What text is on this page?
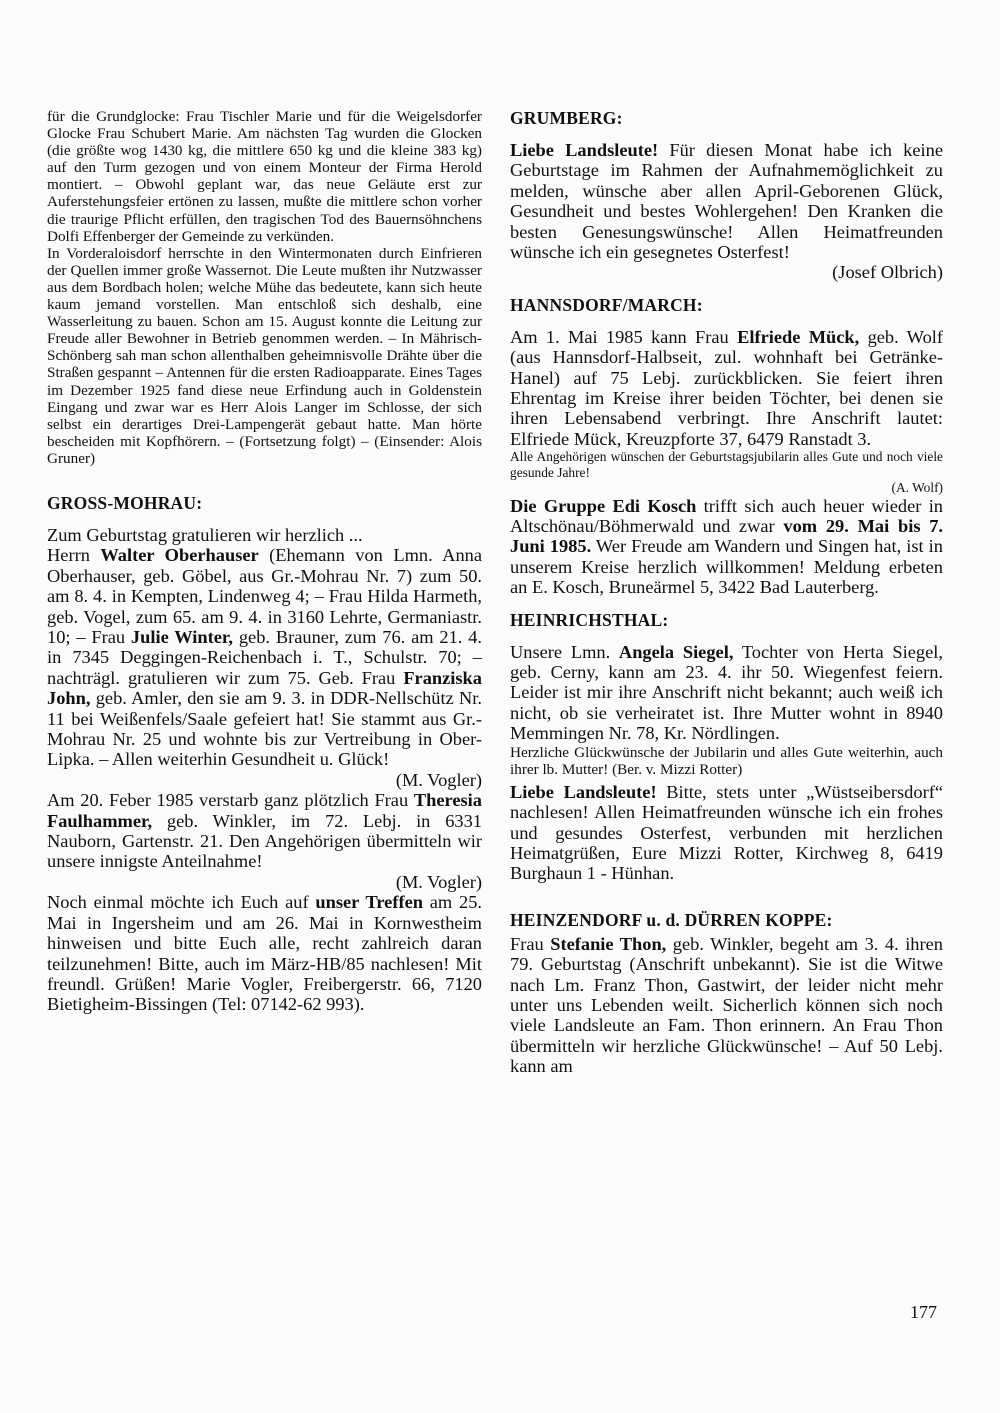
für die Grundglocke: Frau Tischler Marie und für die Weigelsdorfer Glocke Frau Schubert Marie. Am nächsten Tag wurden die Glocken (die größte wog 1430 kg, die mittlere 650 kg und die kleine 383 kg) auf den Turm gezogen und von einem Monteur der Firma Herold montiert. – Obwohl geplant war, das neue Geläute erst zur Auferstehungsfeier ertönen zu lassen, mußte die mittlere schon vorher die traurige Pflicht erfüllen, den tragischen Tod des Bauernsöhnchens Dolfi Effenberger der Gemeinde zu verkünden.

In Vorderaloisdorf herrschte in den Wintermonaten durch Einfrieren der Quellen immer große Wassernot. Die Leute mußten ihr Nutzwasser aus dem Bordbach holen; welche Mühe das bedeutete, kann sich heute kaum jemand vorstellen. Man entschloß sich deshalb, eine Wasserleitung zu bauen. Schon am 15. August konnte die Leitung zur Freude aller Bewohner in Betrieb genommen werden. – In Mährisch-Schönberg sah man schon allenthalben geheimnisvolle Drähte über die Straßen gespannt – Antennen für die ersten Radioapparate. Eines Tages im Dezember 1925 fand diese neue Erfindung auch in Goldenstein Eingang und zwar war es Herr Alois Langer im Schlosse, der sich selbst ein derartiges Drei-Lampengerät gebaut hatte. Man hörte bescheiden mit Kopfhörern. – (Fortsetzung folgt) – (Einsender: Alois Gruner)

GROSS-MOHRAU:

Zum Geburtstag gratulieren wir herzlich ...

Herrn Walter Oberhauser (Ehemann von Lmn. Anna Oberhauser, geb. Göbel, aus Gr.-Mohrau Nr. 7) zum 50. am 8. 4. in Kempten, Lindenweg 4; – Frau Hilda Harmeth, geb. Vogel, zum 65. am 9. 4. in 3160 Lehrte, Germaniastr. 10; – Frau Julie Winter, geb. Brauner, zum 76. am 21. 4. in 7345 Deggingen-Reichenbach i. T., Schulstr. 70; – nachträgl. gratulieren wir zum 75. Geb. Frau Franziska John, geb. Amler, den sie am 9. 3. in DDR-Nellschütz Nr. 11 bei Weißenfels/Saale gefeiert hat! Sie stammt aus Gr.-Mohrau Nr. 25 und wohnte bis zur Vertreibung in Ober-Lipka. – Allen weiterhin Gesundheit u. Glück!

(M. Vogler)

Am 20. Feber 1985 verstarb ganz plötzlich Frau Theresia Faulhammer, geb. Winkler, im 72. Lebj. in 6331 Nauborn, Gartenstr. 21. Den Angehörigen übermitteln wir unsere innigste Anteilnahme!

(M. Vogler)

Noch einmal möchte ich Euch auf unser Treffen am 25. Mai in Ingersheim und am 26. Mai in Kornwestheim hinweisen und bitte Euch alle, recht zahlreich daran teilzunehmen! Bitte, auch im März-HB/85 nachlesen! Mit freundl. Grüßen! Marie Vogler, Freibergerstr. 66, 7120 Bietigheim-Bissingen (Tel: 07142-62 993).

GRUMBERG:

Liebe Landsleute! Für diesen Monat habe ich keine Geburtstage im Rahmen der Aufnahmemöglichkeit zu melden, wünsche aber allen April-Geborenen Glück, Gesundheit und bestes Wohlergehen! Den Kranken die besten Genesungswünsche! Allen Heimatfreunden wünsche ich ein gesegnetes Osterfest!

(Josef Olbrich)

HANNSDORF/MARCH:

Am 1. Mai 1985 kann Frau Elfriede Mück, geb. Wolf (aus Hannsdorf-Halbseit, zul. wohnhaft bei Getränke-Hanel) auf 75 Lebj. zurückblicken. Sie feiert ihren Ehrentag im Kreise ihrer beiden Töchter, bei denen sie ihren Lebensabend verbringt. Ihre Anschrift lautet: Elfriede Mück, Kreuzpforte 37, 6479 Ranstadt 3.

Alle Angehörigen wünschen der Geburtstagsjubilarin alles Gute und noch viele gesunde Jahre!

(A. Wolf)

Die Gruppe Edi Kosch trifft sich auch heuer wieder in Altschönau/Böhmerwald und zwar vom 29. Mai bis 7. Juni 1985. Wer Freude am Wandern und Singen hat, ist in unserem Kreise herzlich willkommen! Meldung erbeten an E. Kosch, Bruneärmel 5, 3422 Bad Lauterberg.

HEINRICHSTHAL:

Unsere Lmn. Angela Siegel, Tochter von Herta Siegel, geb. Cerny, kann am 23. 4. ihr 50. Wiegenfest feiern. Leider ist mir ihre Anschrift nicht bekannt; auch weiß ich nicht, ob sie verheiratet ist. Ihre Mutter wohnt in 8940 Memmingen Nr. 78, Kr. Nördlingen.

Herzliche Glückwünsche der Jubilarin und alles Gute weiterhin, auch ihrer lb. Mutter! (Ber. v. Mizzi Rotter)

Liebe Landsleute! Bitte, stets unter „Wüstseibersdorf“ nachlesen! Allen Heimatfreunden wünsche ich ein frohes und gesundes Osterfest, verbunden mit herzlichen Heimatgrüßen, Eure Mizzi Rotter, Kirchweg 8, 6419 Burghaun 1 - Hünhan.

HEINZENDORF u. d. DÜRREN KOPPE:

Frau Stefanie Thon, geb. Winkler, begeht am 3. 4. ihren 79. Geburtstag (Anschrift unbekannt). Sie ist die Witwe nach Lm. Franz Thon, Gastwirt, der leider nicht mehr unter uns Lebenden weilt. Sicherlich können sich noch viele Landsleute an Fam. Thon erinnern. An Frau Thon übermitteln wir herzliche Glückwünsche! – Auf 50 Lebj. kann am

177
